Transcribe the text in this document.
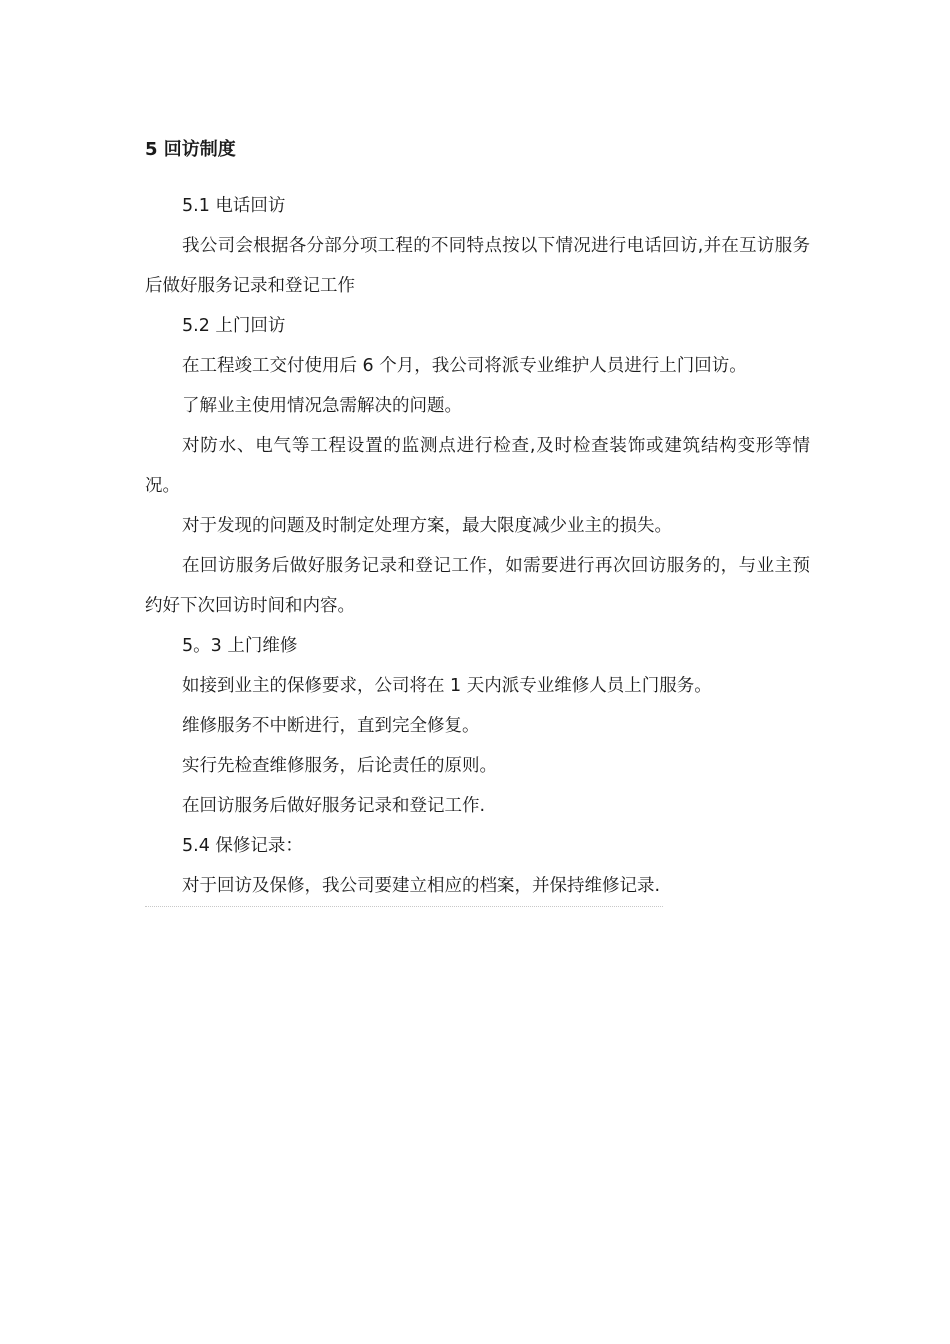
5 回访制度
5.1 电话回访
我公司会根据各分部分项工程的不同特点按以下情况进行电话回访,并在互访服务后做好服务记录和登记工作
5.2 上门回访
在工程竣工交付使用后 6 个月，我公司将派专业维护人员进行上门回访。
了解业主使用情况急需解决的问题。
对防水、电气等工程设置的监测点进行检查,及时检查装饰或建筑结构变形等情况。
对于发现的问题及时制定处理方案，最大限度减少业主的损失。
在回访服务后做好服务记录和登记工作，如需要进行再次回访服务的，与业主预约好下次回访时间和内容。
5。3 上门维修
如接到业主的保修要求，公司将在 1 天内派专业维修人员上门服务。
维修服务不中断进行，直到完全修复。
实行先检查维修服务，后论责任的原则。
在回访服务后做好服务记录和登记工作.
5.4 保修记录：
对于回访及保修，我公司要建立相应的档案，并保持维修记录.
